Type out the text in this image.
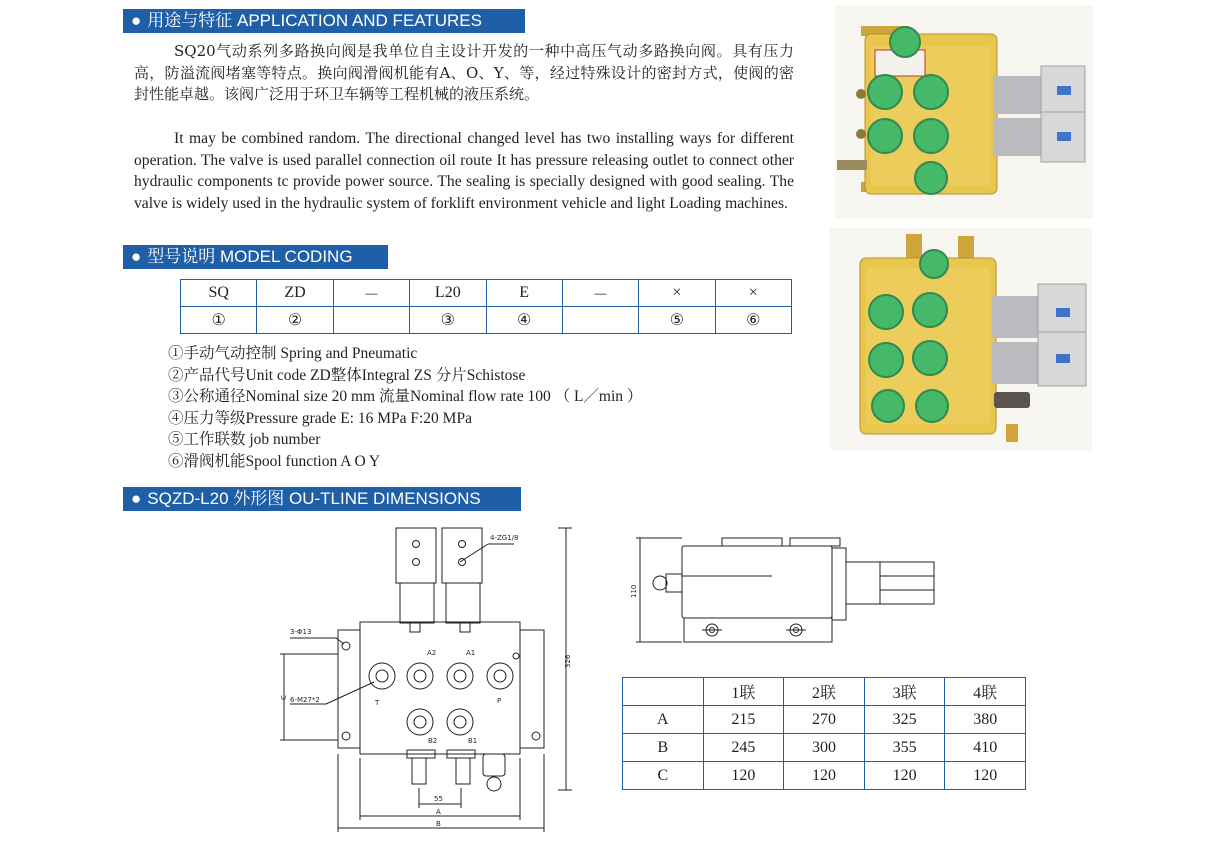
● 用途与特征 APPLICATION AND FEATURES
● 型号说明 MODEL CODING
● SQZD-L20 外形图 OU-TLINE DIMENSIONS
SQ20气动系列多路换向阀是我单位自主设计开发的一种中高压气动多路换向阀。具有压力高，防溢流阀堵塞等特点。换向阀滑阀机能有A、O、Y、等，经过特殊设计的密封方式，使阀的密封性能卓越。该阀广泛用于环卫车辆等工程机械的液压系统。
It may be combined random. The directional changed level has two installing ways for different operation. The valve is used parallel connection oil route It has pressure releasing outlet to connect other hydraulic components tc provide power source. The sealing is specially designed with good sealing. The valve is widely used in the hydraulic system of forklift environment vehicle and light Loading machines.
SQ	ZD	－	L20	E	－	×	×
①	②		③	④		⑤	⑥
①手动气动控制 Spring and Pneumatic
②产品代号Unit code ZD整体Integral ZS 分片Schistose
③公称通径Nominal size 20 mm 流量Nominal flow rate 100 （ L／min ）
④压力等级Pressure grade E: 16 MPa F:20 MPa
⑤工作联数 job number
⑥滑阀机能Spool function A O Y
4-ZG1/8
3-Φ13
6-M27*2
A2	A1
T	P
B2	B1
C
326
55
A
B
110
	1联	2联	3联	4联
A	215	270	325	380
B	245	300	355	410
C	120	120	120	120
